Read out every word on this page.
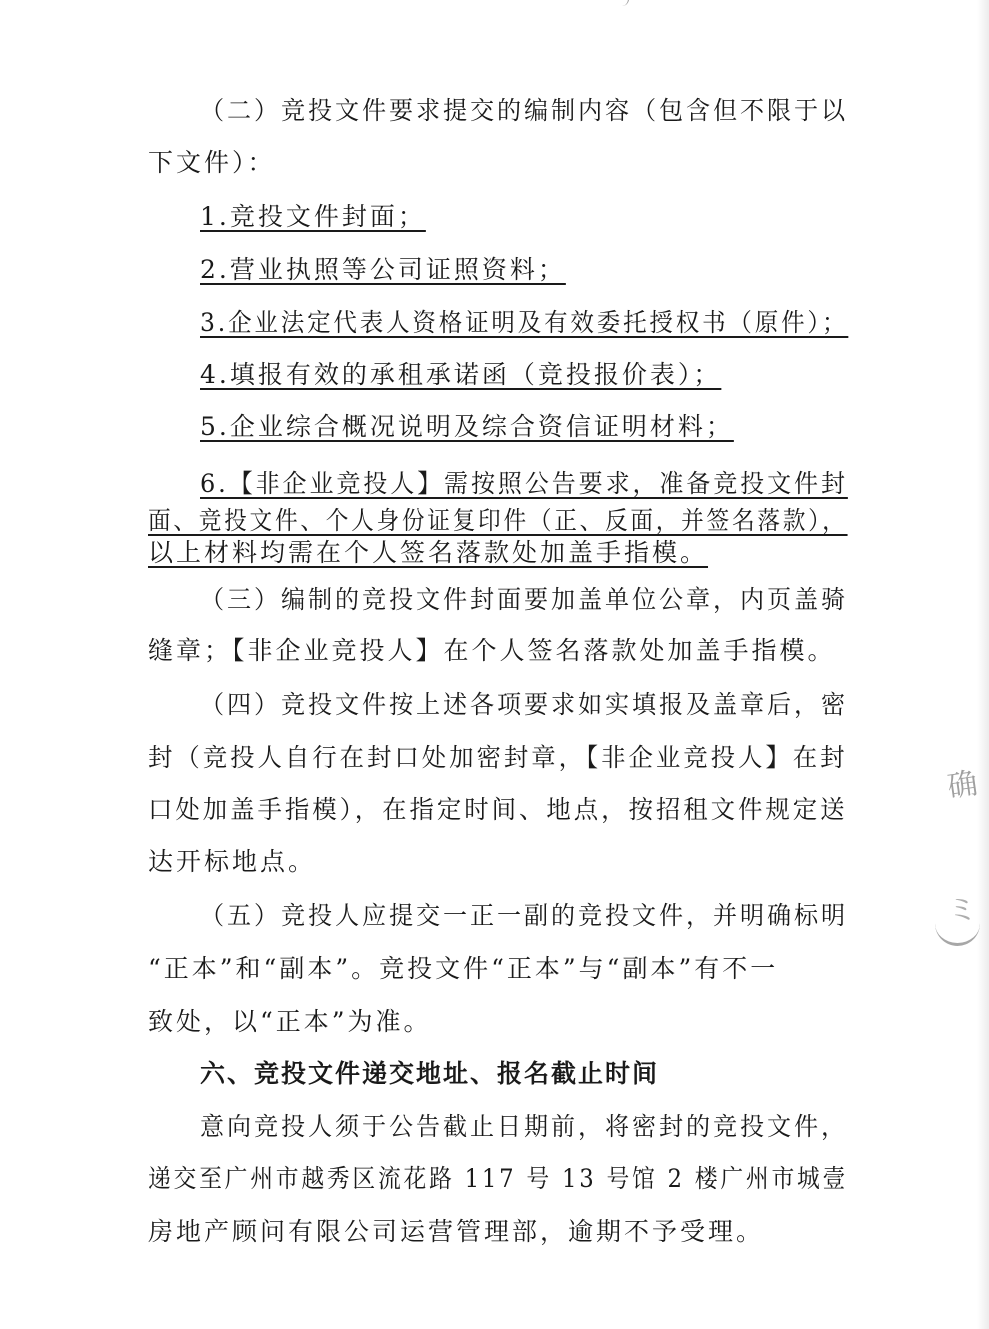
（二）竞投文件要求提交的编制内容（包含但不限于以
下文件）：
1.竞投文件封面；
2.营业执照等公司证照资料；
3.企业法定代表人资格证明及有效委托授权书（原件）；
4.填报有效的承租承诺函（竞投报价表）；
5.企业综合概况说明及综合资信证明材料；
6.【非企业竞投人】需按照公告要求，准备竞投文件封
面、竞投文件、个人身份证复印件（正、反面，并签名落款），
以上材料均需在个人签名落款处加盖手指模。
（三）编制的竞投文件封面要加盖单位公章，内页盖骑
缝章；【非企业竞投人】在个人签名落款处加盖手指模。
（四）竞投文件按上述各项要求如实填报及盖章后，密
封（竞投人自行在封口处加密封章，【非企业竞投人】在封
口处加盖手指模），在指定时间、地点，按招租文件规定送
达开标地点。
（五）竞投人应提交一正一副的竞投文件，并明确标明
“正本”和“副本”。竞投文件“正本”与“副本”有不一
致处，以“正本”为准。
六、竞投文件递交地址、报名截止时间
意向竞投人须于公告截止日期前，将密封的竞投文件，
递交至广州市越秀区流花路 117 号 13 号馆 2 楼广州市城壹
房地产顾问有限公司运营管理部，逾期不予受理。
确
ミ
